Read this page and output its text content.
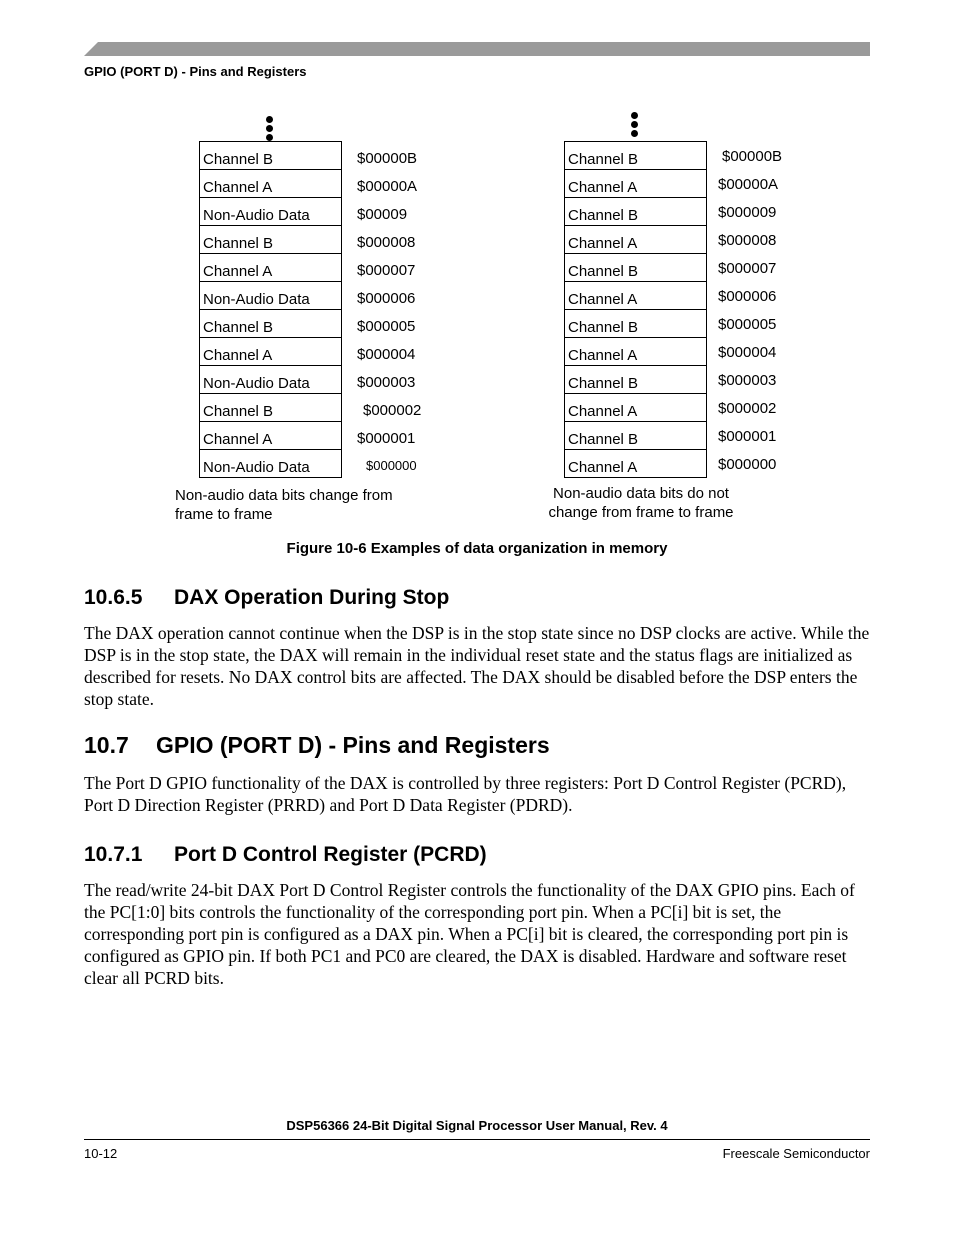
GPIO (PORT D) - Pins and Registers
Channel B
Channel A
Non-Audio Data
Channel B
Channel A
Non-Audio Data
Channel B
Channel A
Non-Audio Data
Channel B
Channel A
Non-Audio Data
$00000B
$00000A
$00009
$000008
$000007
$000006
$000005
$000004
$000003
$000002
$000001
$000000
Non-audio data bits change from frame to frame
Channel B
Channel A
Channel B
Channel A
Channel B
Channel A
Channel B
Channel A
Channel B
Channel A
Channel B
Channel A
$00000B
$00000A
$000009
$000008
$000007
$000006
$000005
$000004
$000003
$000002
$000001
$000000
Non-audio data bits do not change from frame to frame
Figure 10-6 Examples of data organization in memory
10.6.5 DAX Operation During Stop
The DAX operation cannot continue when the DSP is in the stop state since no DSP clocks are active. While the DSP is in the stop state, the DAX will remain in the individual reset state and the status flags are initialized as described for resets. No DAX control bits are affected. The DAX should be disabled before the DSP enters the stop state.
10.7 GPIO (PORT D) - Pins and Registers
The Port D GPIO functionality of the DAX is controlled by three registers: Port D Control Register (PCRD), Port D Direction Register (PRRD) and Port D Data Register (PDRD).
10.7.1 Port D Control Register (PCRD)
The read/write 24-bit DAX Port D Control Register controls the functionality of the DAX GPIO pins. Each of the PC[1:0] bits controls the functionality of the corresponding port pin. When a PC[i] bit is set, the corresponding port pin is configured as a DAX pin. When a PC[i] bit is cleared, the corresponding port pin is configured as GPIO pin. If both PC1 and PC0 are cleared, the DAX is disabled. Hardware and software reset clear all PCRD bits.
DSP56366 24-Bit Digital Signal Processor User Manual, Rev. 4
10-12	Freescale Semiconductor
